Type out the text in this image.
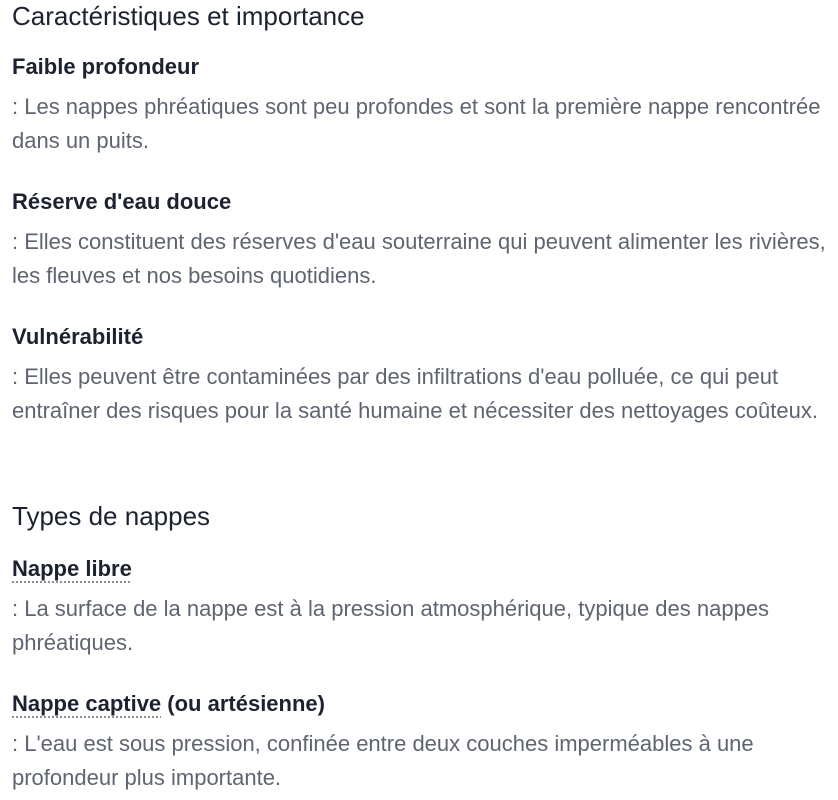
Caractéristiques et importance
Faible profondeur

: Les nappes phréatiques sont peu profondes et sont la première nappe rencontrée dans un puits.

Réserve d'eau douce

: Elles constituent des réserves d'eau souterraine qui peuvent alimenter les rivières, les fleuves et nos besoins quotidiens.

Vulnérabilité

: Elles peuvent être contaminées par des infiltrations d'eau polluée, ce qui peut entraîner des risques pour la santé humaine et nécessiter des nettoyages coûteux.

Types de nappes
Nappe libre

: La surface de la nappe est à la pression atmosphérique, typique des nappes phréatiques.

Nappe captive (ou artésienne)

: L'eau est sous pression, confinée entre deux couches imperméables à une profondeur plus importante.
